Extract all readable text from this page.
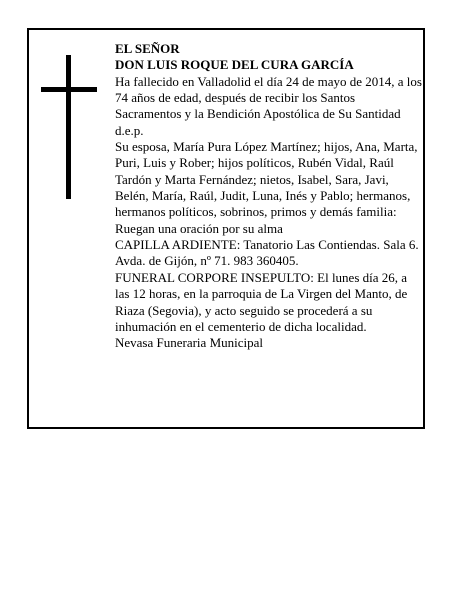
EL SEÑOR

DON LUIS ROQUE DEL CURA GARCÍA

Ha fallecido en Valladolid el día 24 de mayo de 2014, a los 74 años de edad, después de recibir los Santos Sacramentos y la Bendición Apostólica de Su Santidad d.e.p.

Su esposa, María Pura López Martínez; hijos, Ana, Marta, Puri, Luis y Rober; hijos políticos, Rubén Vidal, Raúl Tardón y Marta Fernández; nietos, Isabel, Sara, Javi, Belén, María, Raúl, Judit, Luna, Inés y Pablo; hermanos, hermanos políticos, sobrinos, primos y demás familia:

Ruegan una oración por su alma

CAPILLA ARDIENTE: Tanatorio Las Contiendas. Sala 6. Avda. de Gijón, nº 71. 983 360405.

FUNERAL CORPORE INSEPULTO: El lunes día 26, a las 12 horas, en la parroquia de La Virgen del Manto, de Riaza (Segovia), y acto seguido se procederá a su inhumación en el cementerio de dicha localidad.

Nevasa Funeraria Municipal
